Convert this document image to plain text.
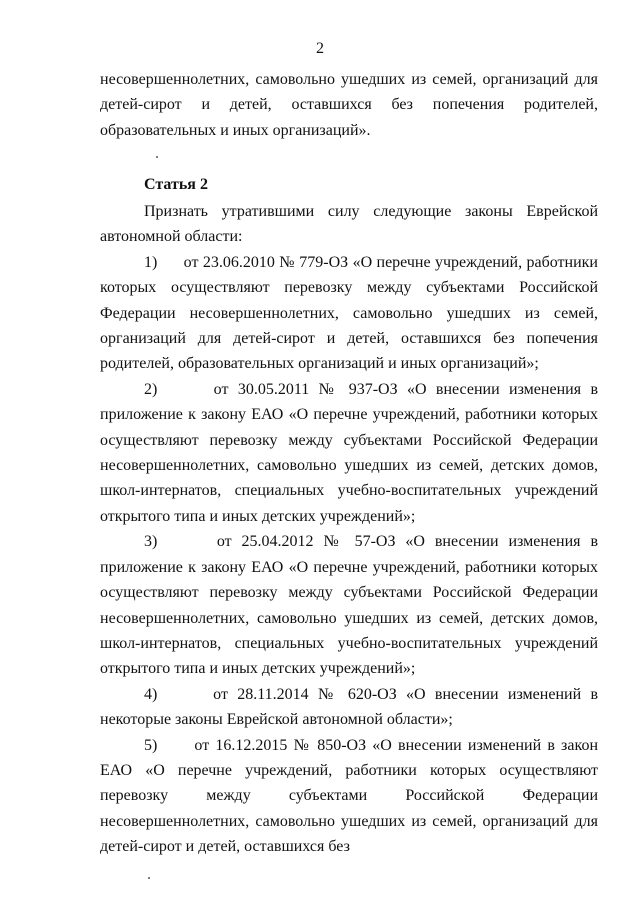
2

несовершеннолетних, самовольно ушедших из семей, организаций для детей-сирот и детей, оставшихся без попечения родителей, образовательных и иных организаций».

Статья 2

Признать утратившими силу следующие законы Еврейской автономной области:

1) от 23.06.2010 № 779-ОЗ «О перечне учреждений, работники которых осуществляют перевозку между субъектами Российской Федерации несовершеннолетних, самовольно ушедших из семей, организаций для детей-сирот и детей, оставшихся без попечения родителей, образовательных организаций и иных организаций»;

2)	от 30.05.2011 № 937-ОЗ «О внесении изменения в приложение к закону ЕАО «О перечне учреждений, работники которых осуществляют перевозку между субъектами Российской Федерации несовершеннолетних, самовольно ушедших из семей, детских домов, школ-интернатов, специальных учебно-воспитательных учреждений открытого типа и иных детских учреждений»;

3)	от 25.04.2012 № 57-ОЗ «О внесении изменения в приложение к закону ЕАО «О перечне учреждений, работники которых осуществляют перевозку между субъектами Российской Федерации несовершеннолетних, самовольно ушедших из семей, детских домов, школ-интернатов, специальных учебно-воспитательных учреждений открытого типа и иных детских учреждений»;

4)	от 28.11.2014 № 620-ОЗ «О внесении изменений в некоторые законы Еврейской автономной области»;

5) от 16.12.2015 № 850-ОЗ «О внесении изменений в закон ЕАО «О перечне учреждений, работники которых осуществляют перевозку между субъектами Российской Федерации несовершеннолетних, самовольно ушедших из семей, организаций для детей-сирот и детей, оставшихся без
